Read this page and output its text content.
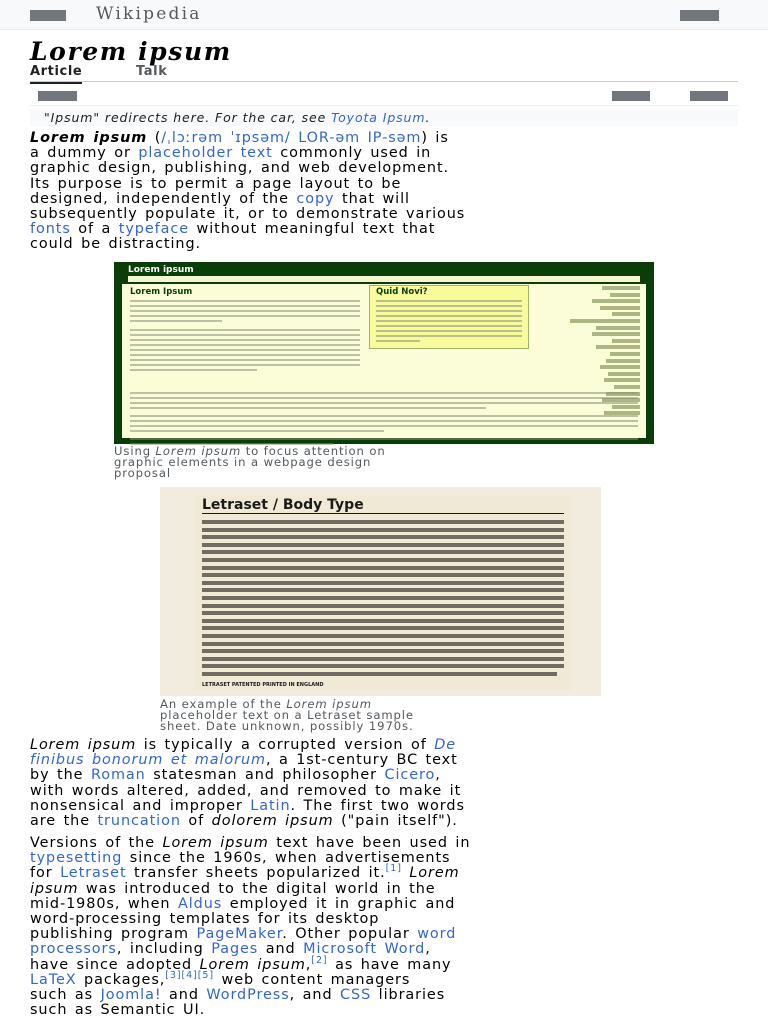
Wikipedia
Lorem ipsum
Article	Talk
"Ipsum" redirects here. For the car, see Toyota Ipsum.
Lorem ipsum (/ˌlɔːrəm ˈɪpsəm/ LOR-əm IP-səm) is
a dummy or placeholder text commonly used in
graphic design, publishing, and web development.
Its purpose is to permit a page layout to be
designed, independently of the copy that will
subsequently populate it, or to demonstrate various
fonts of a typeface without meaningful text that
could be distracting.
Lorem ipsum
Lorem Ipsum	Quid Novi?
Using Lorem ipsum to focus attention on
graphic elements in a webpage design
proposal
Letraset / Body Type
LETRASET PATENTED PRINTED IN ENGLAND
An example of the Lorem ipsum
placeholder text on a Letraset sample
sheet. Date unknown, possibly 1970s.
Lorem ipsum is typically a corrupted version of De
finibus bonorum et malorum, a 1st-century BC text
by the Roman statesman and philosopher Cicero,
with words altered, added, and removed to make it
nonsensical and improper Latin. The first two words
are the truncation of dolorem ipsum ("pain itself").
Versions of the Lorem ipsum text have been used in
typesetting since the 1960s, when advertisements
for Letraset transfer sheets popularized it.[1] Lorem
ipsum was introduced to the digital world in the
mid-1980s, when Aldus employed it in graphic and
word-processing templates for its desktop
publishing program PageMaker. Other popular word
processors, including Pages and Microsoft Word,
have since adopted Lorem ipsum,[2] as have many
LaTeX packages,[3][4][5] web content managers
such as Joomla! and WordPress, and CSS libraries
such as Semantic UI.
